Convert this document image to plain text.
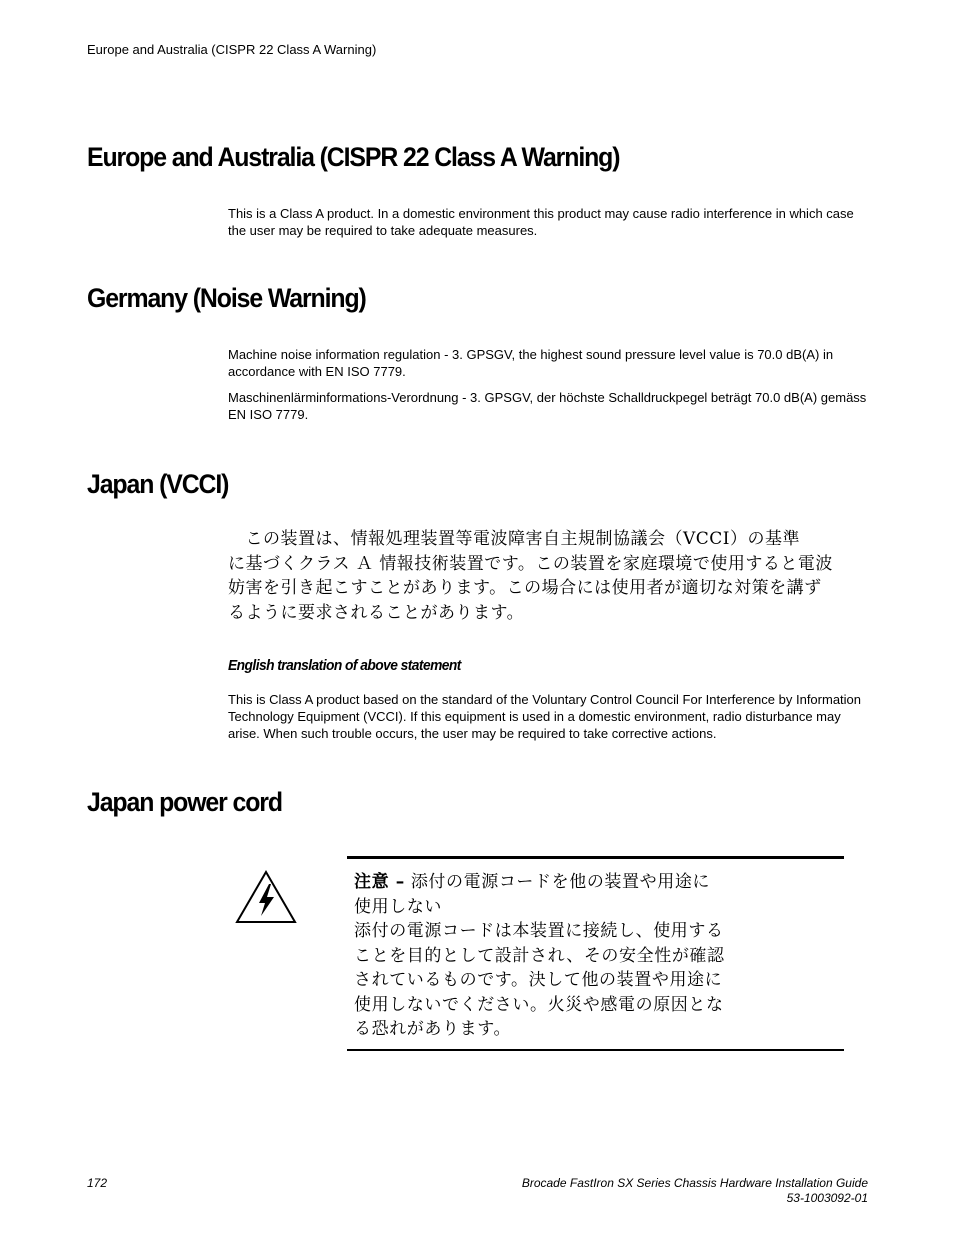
Europe and Australia (CISPR 22 Class A Warning)
Europe and Australia (CISPR 22 Class A Warning)

This is a Class A product. In a domestic environment this product may cause radio interference in which case the user may be required to take adequate measures.

Germany (Noise Warning)

Machine noise information regulation - 3. GPSGV, the highest sound pressure level value is 70.0 dB(A) in accordance with EN ISO 7779.

Maschinenlärminformations-Verordnung - 3. GPSGV, der höchste Schalldruckpegel beträgt 70.0 dB(A) gemäss EN ISO 7779.

Japan (VCCI)
　この装置は、情報処理装置等電波障害自主規制協議会（VCCI）の基準
に基づくクラス Ａ 情報技術装置です。この装置を家庭環境で使用すると電波
妨害を引き起こすことがあります。この場合には使用者が適切な対策を講ず
るように要求されることがあります。
English translation of above statement

This is Class A product based on the standard of the Voluntary Control Council For Interference by Information Technology Equipment (VCCI). If this equipment is used in a domestic environment, radio disturbance may arise. When such trouble occurs, the user may be required to take corrective actions.

Japan power cord
注意 – 添付の電源コードを他の装置や用途に
使用しない
添付の電源コードは本装置に接続し、使用する
ことを目的として設計され、その安全性が確認
されているものです。決して他の装置や用途に
使用しないでください。火災や感電の原因とな
る恐れがあります。
172	Brocade FastIron SX Series Chassis Hardware Installation Guide
53-1003092-01
